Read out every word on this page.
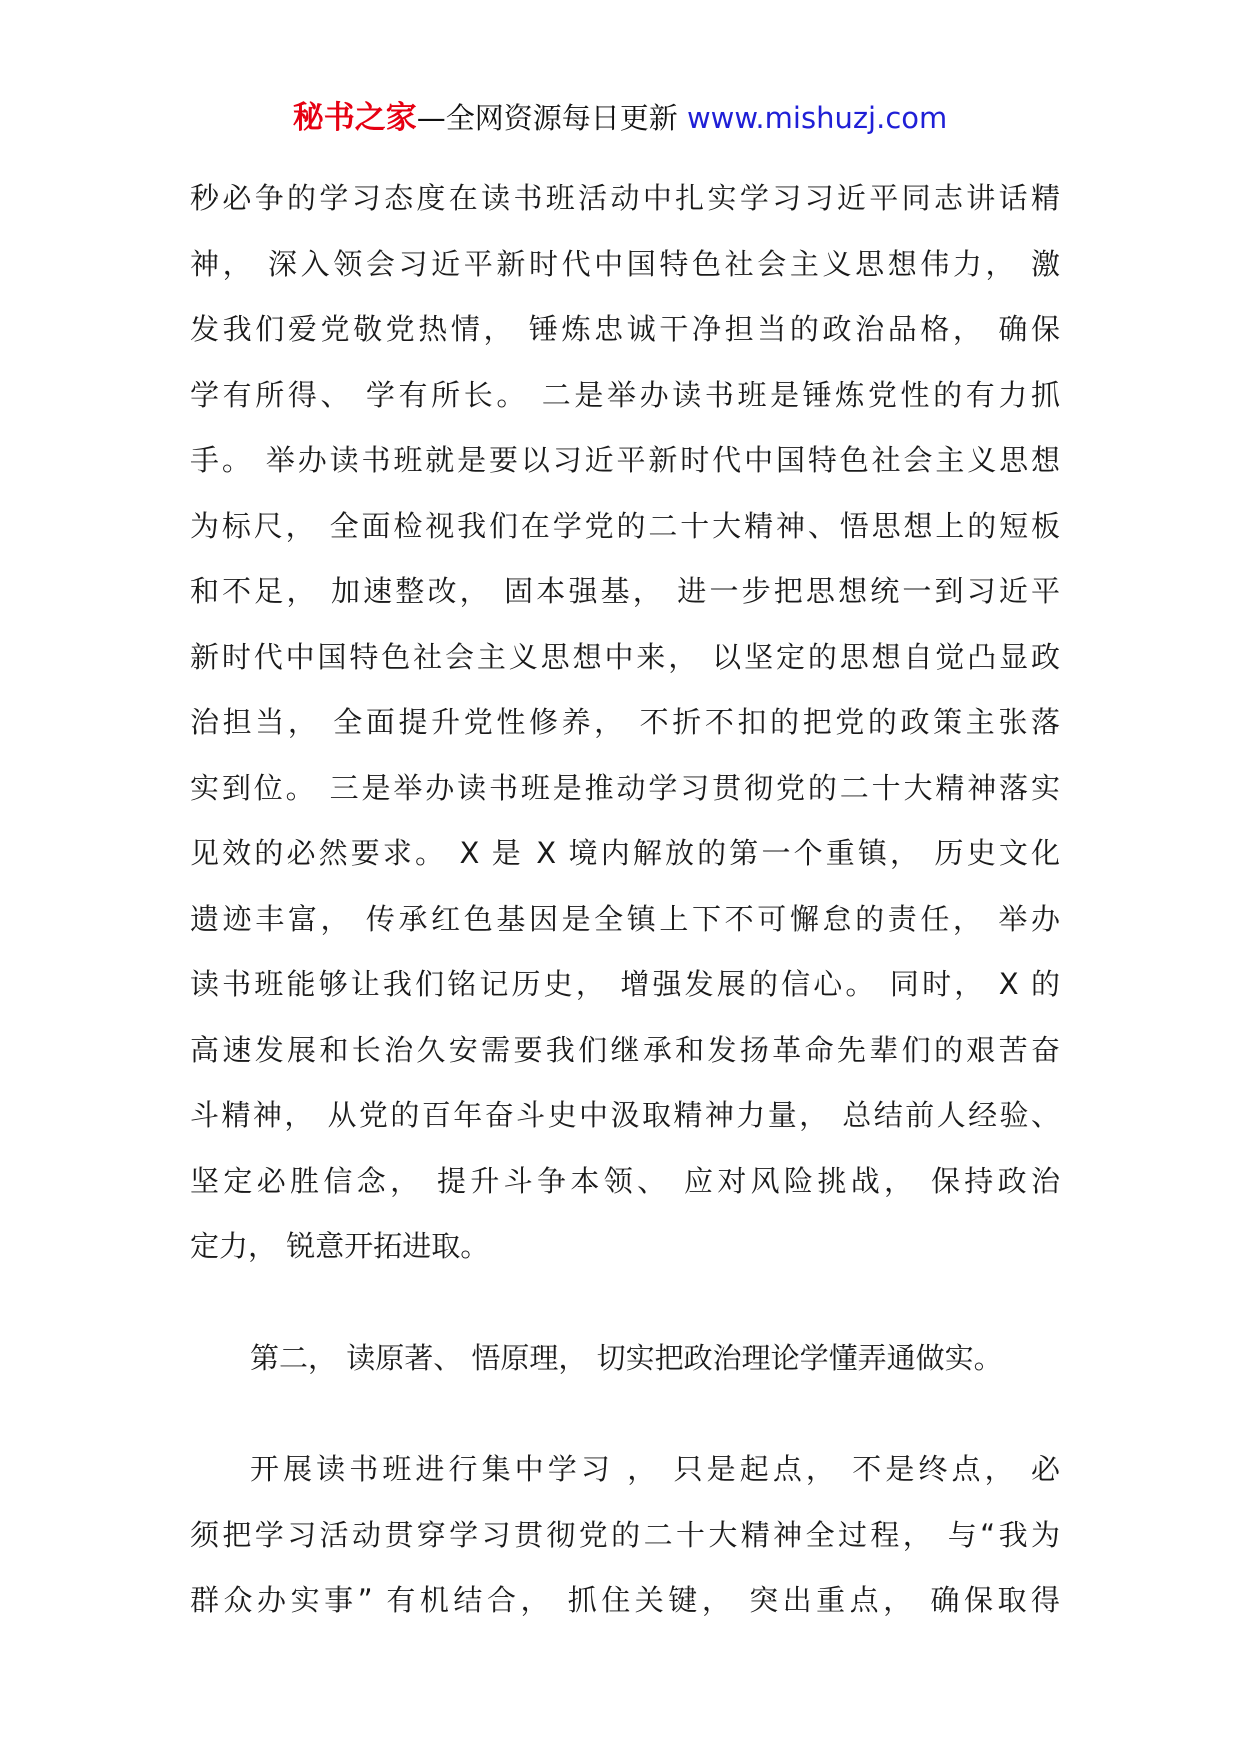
秘书之家—全网资源每日更新 www.mishuzj.com
秒必争的学习态度在读书班活动中扎实学习习近平同志讲话精
神， 深入领会习近平新时代中国特色社会主义思想伟力， 激
发我们爱党敬党热情， 锤炼忠诚干净担当的政治品格， 确保
学有所得、 学有所长。 二是举办读书班是锤炼党性的有力抓
手。 举办读书班就是要以习近平新时代中国特色社会主义思想
为标尺， 全面检视我们在学党的二十大精神、悟思想上的短板
和不足， 加速整改， 固本强基， 进一步把思想统一到习近平
新时代中国特色社会主义思想中来， 以坚定的思想自觉凸显政
治担当， 全面提升党性修养， 不折不扣的把党的政策主张落
实到位。 三是举办读书班是推动学习贯彻党的二十大精神落实
见效的必然要求。 X 是 X 境内解放的第一个重镇， 历史文化
遗迹丰富， 传承红色基因是全镇上下不可懈怠的责任， 举办
读书班能够让我们铭记历史， 增强发展的信心。 同时， X 的
高速发展和长治久安需要我们继承和发扬革命先辈们的艰苦奋
斗精神， 从党的百年奋斗史中汲取精神力量， 总结前人经验、
坚定必胜信念， 提升斗争本领、 应对风险挑战， 保持政治
定力， 锐意开拓进取。
第二， 读原著、 悟原理， 切实把政治理论学懂弄通做实。
开展读书班进行集中学习 ， 只是起点， 不是终点， 必
须把学习活动贯穿学习贯彻党的二十大精神全过程， 与“我为
群众办实事” 有机结合， 抓住关键， 突出重点， 确保取得
